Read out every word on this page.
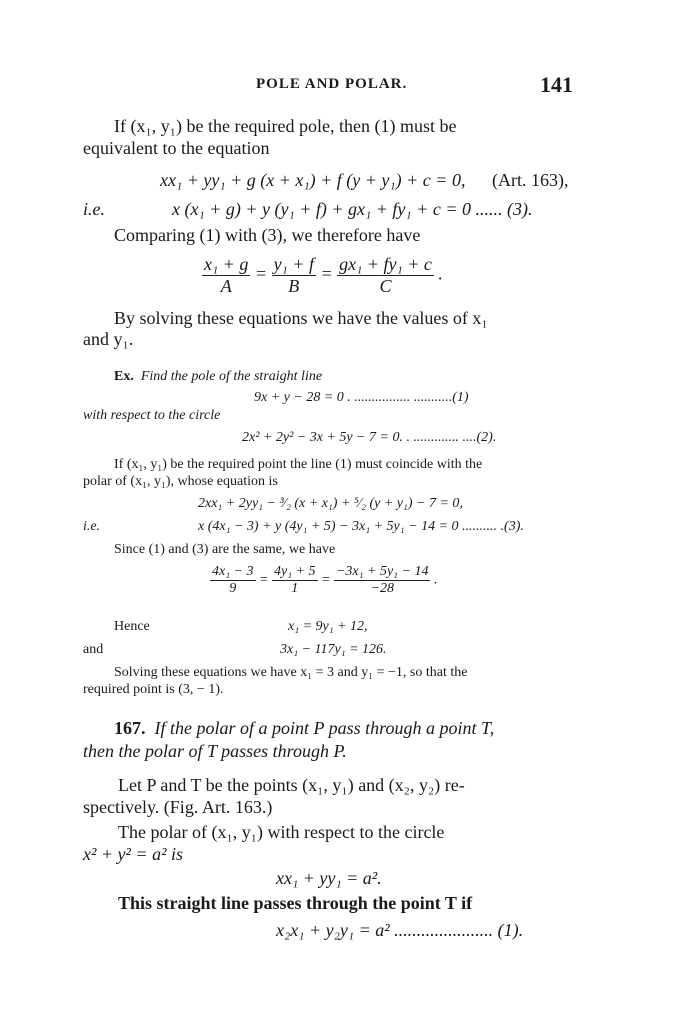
POLE AND POLAR.	141
If (x₁, y₁) be the required pole, then (1) must be
equivalent to the equation
xx₁ + yy₁ + g (x + x₁) + f (y + y₁) + c = 0, (Art. 163),
i.e.	x (x₁ + g) + y (y₁ + f) + gx₁ + fy₁ + c = 0 ...... (3).
Comparing (1) with (3), we therefore have
$\frac{\text{x₁ + g}}{A} = \frac{\text{y₁ + f}}{B} = \frac{\text{gx₁ + fy₁ + c}}{C}$ .
By solving these equations we have the values of x₁
and y₁.
Ex. Find the pole of the straight line
9x + y − 28 = 0 . ................ ...........(1)
with respect to the circle
2x² + 2y² − 3x + 5y − 7 = 0. . ............. ....(2).
If (x₁, y₁) be the required point the line (1) must coincide with the
polar of (x₁, y₁), whose equation is
2xx₁ + 2yy₁ − ³⁄₂ (x + x₁) + ⁵⁄₂ (y + y₁) − 7 = 0,
i.e.	x (4x₁ − 3) + y (4y₁ + 5) − 3x₁ + 5y₁ − 14 = 0 .......... .(3).
Since (1) and (3) are the same, we have
$\frac{\text{4x₁ − 3}}{9} = \frac{\text{4y₁ + 5}}{1} = \frac{\text{−3x₁ + 5y₁ − 14}}{-28}$ .
Hence	x₁ = 9y₁ + 12,
and	3x₁ − 117y₁ = 126.
Solving these equations we have x₁ = 3 and y₁ = −1, so that the
required point is (3, − 1).
167. If the polar of a point P pass through a point T,
then the polar of T passes through P.
Let P and T be the points (x₁, y₁) and (x₂, y₂) re-
spectively. (Fig. Art. 163.)
The polar of (x₁, y₁) with respect to the circle
x² + y² = a² is
xx₁ + yy₁ = a².
This straight line passes through the point T if
x₂x₁ + y₂y₁ = a² ...................... (1).
